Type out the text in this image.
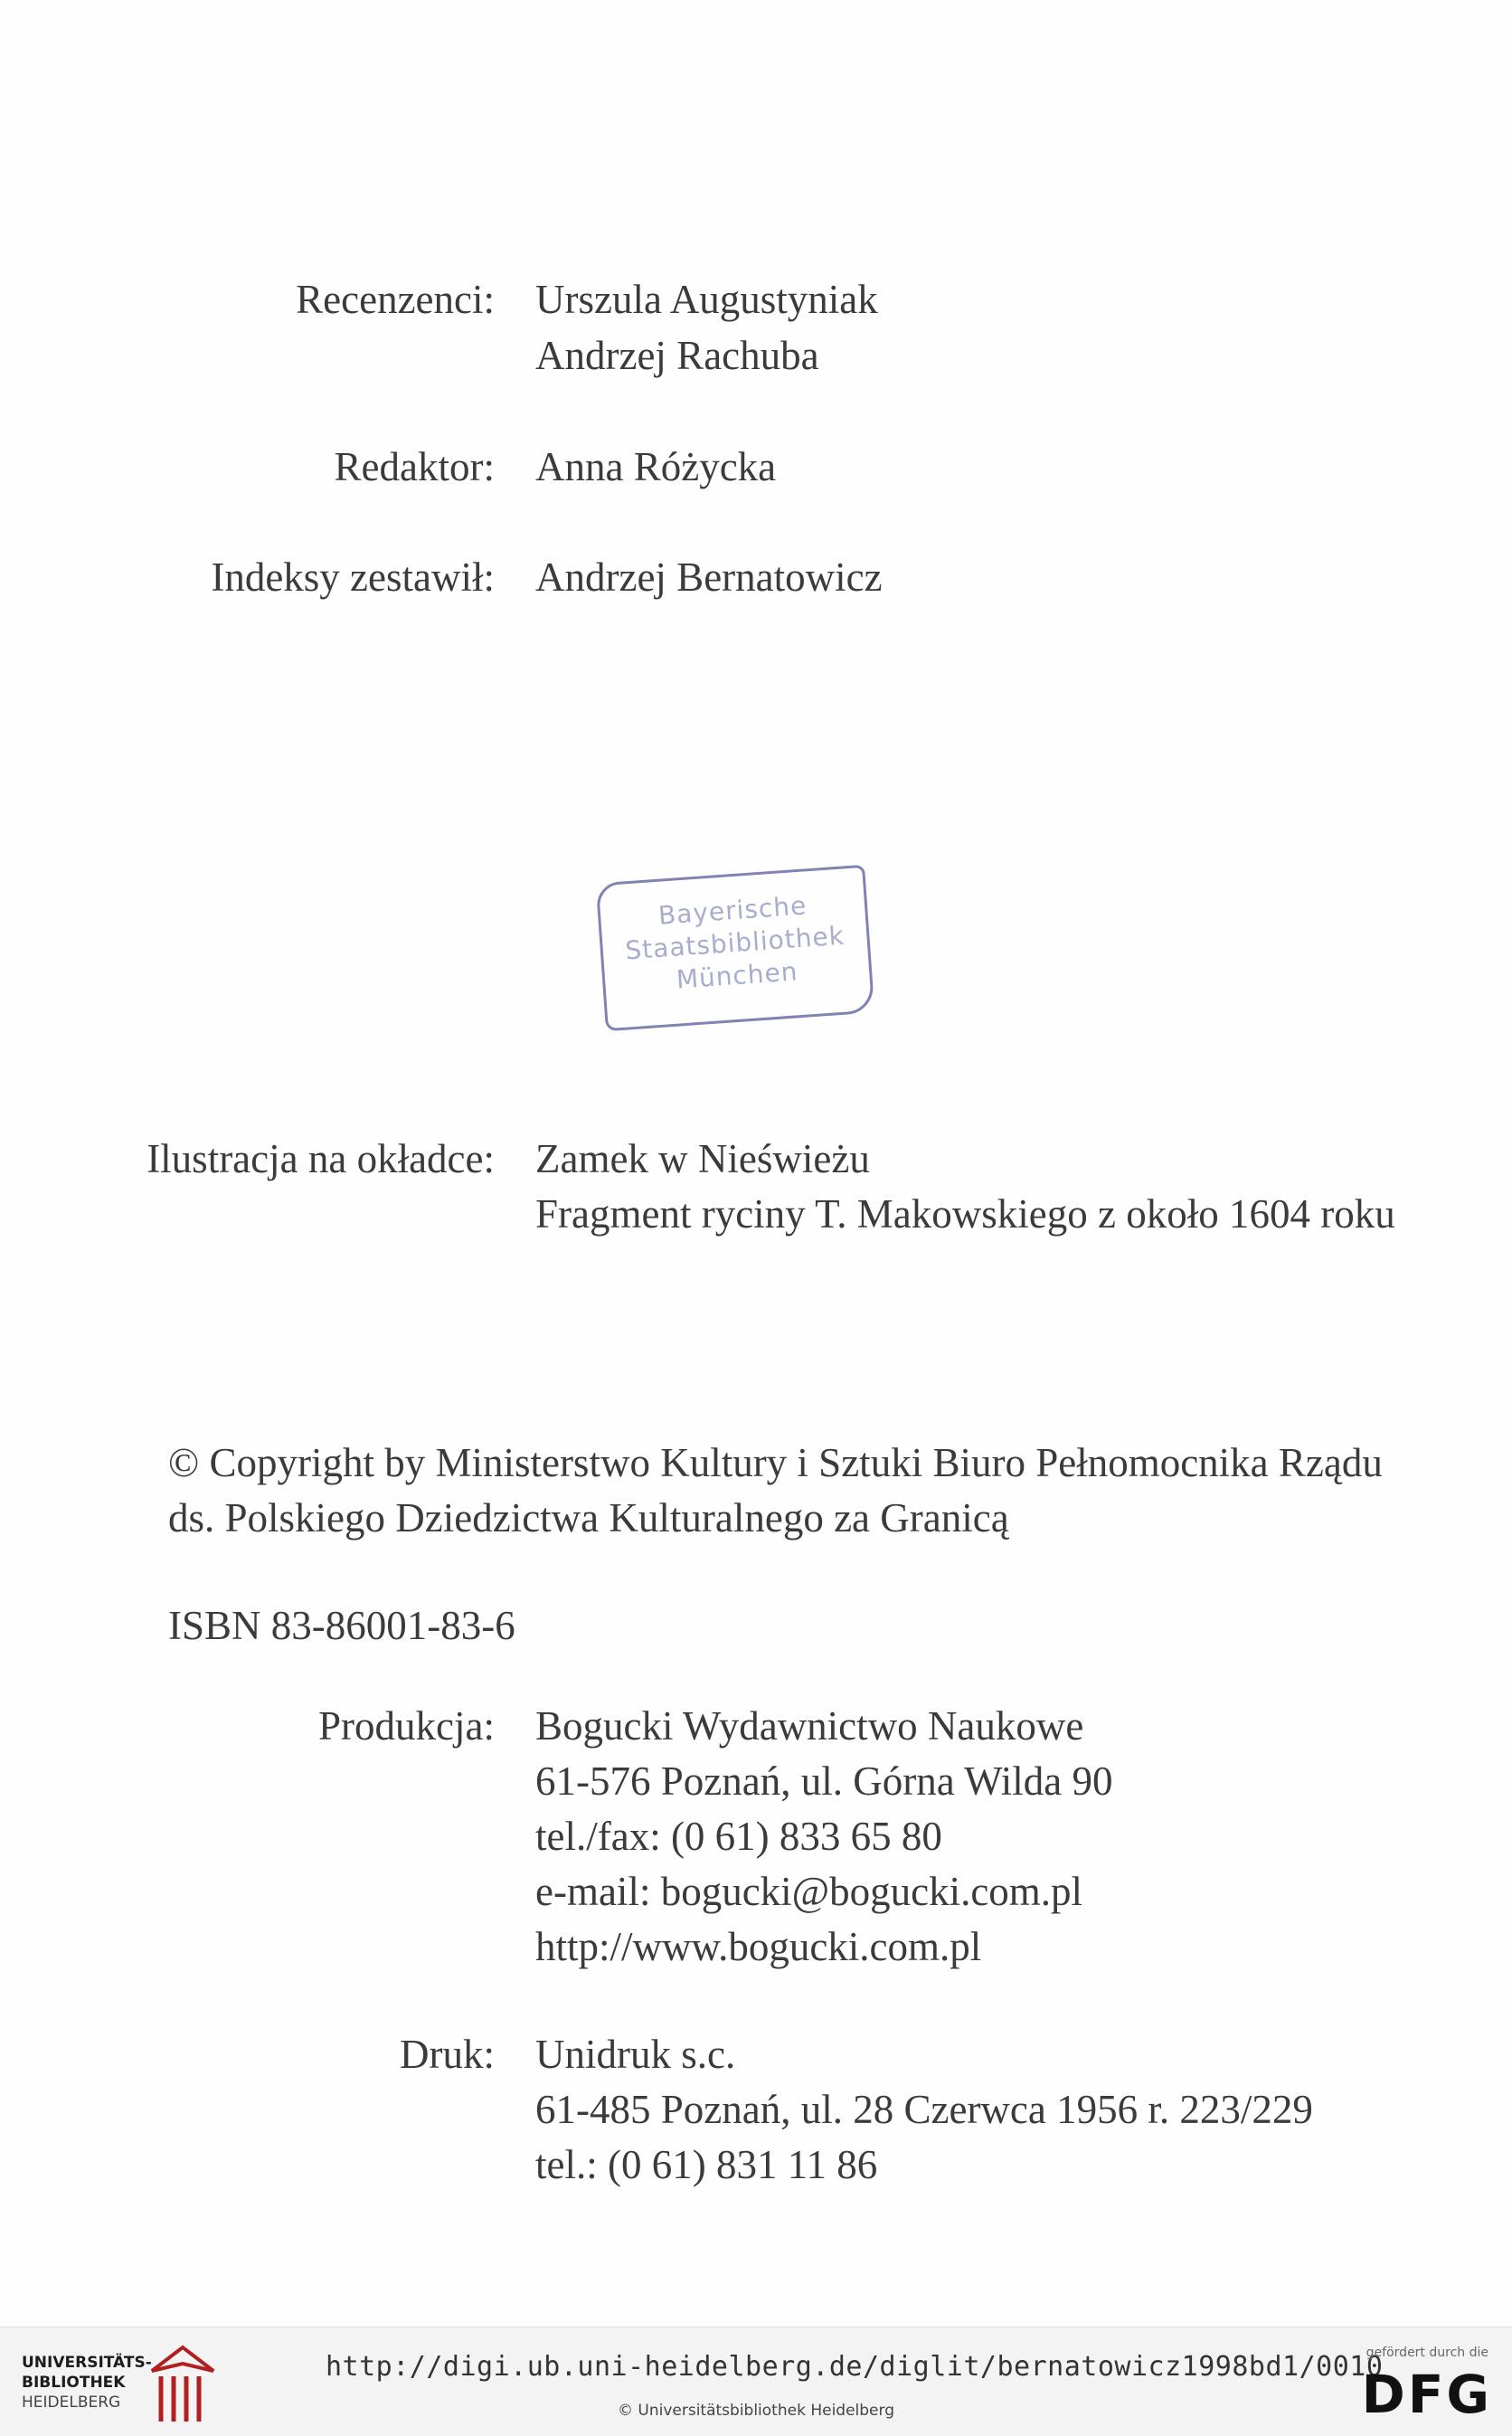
Recenzenci: Urszula Augustyniak
Andrzej Rachuba
Redaktor: Anna Różycka
Indeksy zestawił: Andrzej Bernatowicz
Bayerische
Staatsbibliothek
München
Ilustracja na okładce: Zamek w Nieświeżu
Fragment ryciny T. Makowskiego z około 1604 roku
© Copyright by Ministerstwo Kultury i Sztuki Biuro Pełnomocnika Rządu
ds. Polskiego Dziedzictwa Kulturalnego za Granicą
ISBN 83-86001-83-6
Produkcja: Bogucki Wydawnictwo Naukowe
61-576 Poznań, ul. Górna Wilda 90
tel./fax: (0 61) 833 65 80
e-mail: bogucki@bogucki.com.pl
http://www.bogucki.com.pl
Druk: Unidruk s.c.
61-485 Poznań, ul. 28 Czerwca 1956 r. 223/229
tel.: (0 61) 831 11 86
UNIVERSITÄTS-
BIBLIOTHEK
HEIDELBERG
http://digi.ub.uni-heidelberg.de/diglit/bernatowicz1998bd1/0010
© Universitätsbibliothek Heidelberg
gefördert durch die
DFG
